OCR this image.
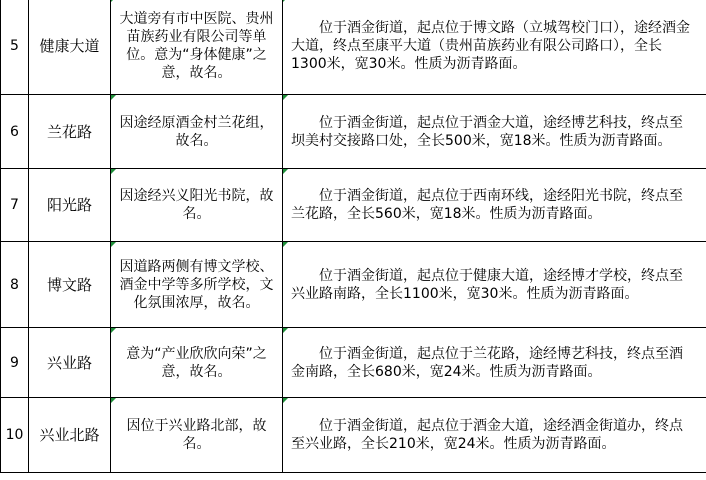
5	健康大道	大道旁有市中医院、贵州苗族药业有限公司等单位。意为“身体健康”之意，故名。	位于酒金街道，起点位于博文路（立城驾校门口），途经酒金大道，终点至康平大道（贵州苗族药业有限公司路口），全长1300米，宽30米。性质为沥青路面。

6	兰花路	因途经原酒金村兰花组，故名。	位于酒金街道，起点位于酒金大道，途经博艺科技，终点至坝美村交接路口处，全长500米，宽18米。性质为沥青路面。

7	阳光路	因途经兴义阳光书院，故名。	位于酒金街道，起点位于西南环线，途经阳光书院，终点至兰花路，全长560米，宽18米。性质为沥青路面。

8	博文路	因道路两侧有博文学校、酒金中学等多所学校，文化氛围浓厚，故名。	位于酒金街道，起点位于健康大道，途经博才学校，终点至兴业路南路，全长1100米，宽30米。性质为沥青路面。

9	兴业路	意为“产业欣欣向荣”之意，故名。	位于酒金街道，起点位于兰花路，途经博艺科技，终点至酒金南路，全长680米，宽24米。性质为沥青路面。

10	兴业北路	因位于兴业路北部，故名。	位于酒金街道，起点位于酒金大道，途经酒金街道办，终点至兴业路，全长210米，宽24米。性质为沥青路面。
